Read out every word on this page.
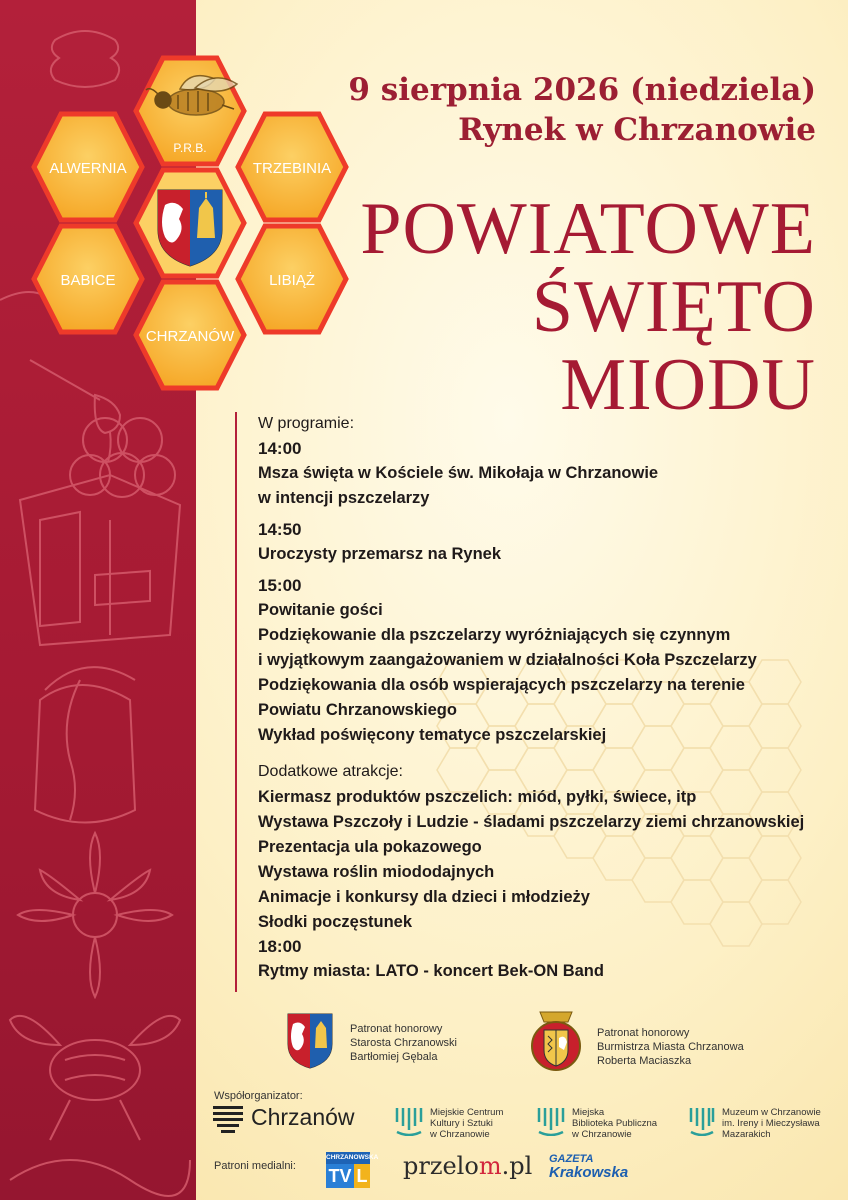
P.R.B.
ALWERNIA	TRZEBINIA
BABICE	LIBIĄŻ
CHRZANÓW
9 sierpnia 2026 (niedziela)
Rynek w Chrzanowie
POWIATOWE
ŚWIĘTO
MIODU
W programie:
14:00
Msza święta w Kościele św. Mikołaja w Chrzanowie
w intencji pszczelarzy
14:50
Uroczysty przemarsz na Rynek
15:00
Powitanie gości
Podziękowanie dla pszczelarzy wyróżniających się czynnym
i wyjątkowym zaangażowaniem w działalności Koła Pszczelarzy
Podziękowania dla osób wspierających pszczelarzy na terenie
Powiatu Chrzanowskiego
Wykład poświęcony tematyce pszczelarskiej
Dodatkowe atrakcje:
Kiermasz produktów pszczelich: miód, pyłki, świece, itp
Wystawa Pszczoły i Ludzie - śladami pszczelarzy ziemi chrzanowskiej
Prezentacja ula pokazowego
Wystawa roślin miododajnych
Animacje i konkursy dla dzieci i młodzieży
Słodki poczęstunek
18:00
Rytmy miasta: LATO - koncert Bek-ON Band
Patronat honorowy
Starosta Chrzanowski
Bartłomiej Gębala
Patronat honorowy
Burmistrza Miasta Chrzanowa
Roberta Maciaszka
Współorganizator:
Chrzanów	Miejskie Centrum
Kultury i Sztuki
w Chrzanowie
Miejska
Biblioteka Publiczna
w Chrzanowie
Muzeum w Chrzanowie
im. Ireny i Mieczysława
Mazarakich
Patroni medialni:
CHRZANOWSKA
TV L przelom.pl GAZETA
Krakowska
